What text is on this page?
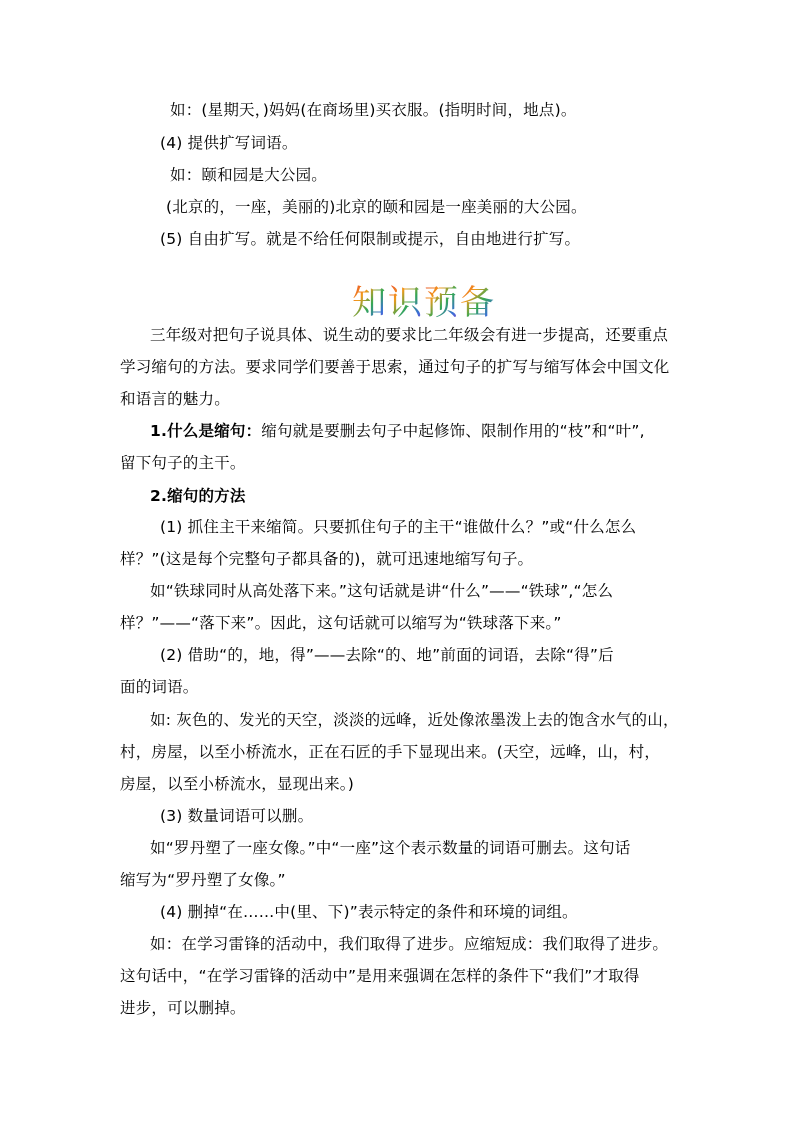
如：(星期天，)妈妈(在商场里)买衣服。(指明时间，地点)。
(4) 提供扩写词语。
如：颐和园是大公园。
(北京的，一座，美丽的)北京的颐和园是一座美丽的大公园。
(5) 自由扩写。就是不给任何限制或提示，自由地进行扩写。
知 识 预 备
三年级对把句子说具体、说生动的要求比二年级会有进一步提高，还要重点
学习缩句的方法。要求同学们要善于思索，通过句子的扩写与缩写体会中国文化
和语言的魅力。
1.什么是缩句：缩句就是要删去句子中起修饰、限制作用的“枝”和“叶”,
留下句子的主干。
2.缩句的方法
(1) 抓住主干来缩简。只要抓住句子的主干“谁做什么？”或“什么怎么
样？”(这是每个完整句子都具备的)，就可迅速地缩写句子。
如“铁球同时从高处落下来。”这句话就是讲“什么”——“铁球”,“怎么
样？”——“落下来”。因此，这句话就可以缩写为“铁球落下来。”
(2) 借助“的，地，得”——去除“的、地”前面的词语，去除“得”后
面的词语。
如: 灰色的、发光的天空，淡淡的远峰，近处像浓墨泼上去的饱含水气的山，
村，房屋，以至小桥流水，正在石匠的手下显现出来。(天空，远峰，山，村，
房屋，以至小桥流水，显现出来。)
(3) 数量词语可以删。
如“罗丹塑了一座女像。”中“一座”这个表示数量的词语可删去。这句话
缩写为“罗丹塑了女像。”
(4) 删掉“在……中(里、下)”表示特定的条件和环境的词组。
如：在学习雷锋的活动中，我们取得了进步。应缩短成：我们取得了进步。
这句话中，“在学习雷锋的活动中”是用来强调在怎样的条件下“我们”才取得
进步，可以删掉。
